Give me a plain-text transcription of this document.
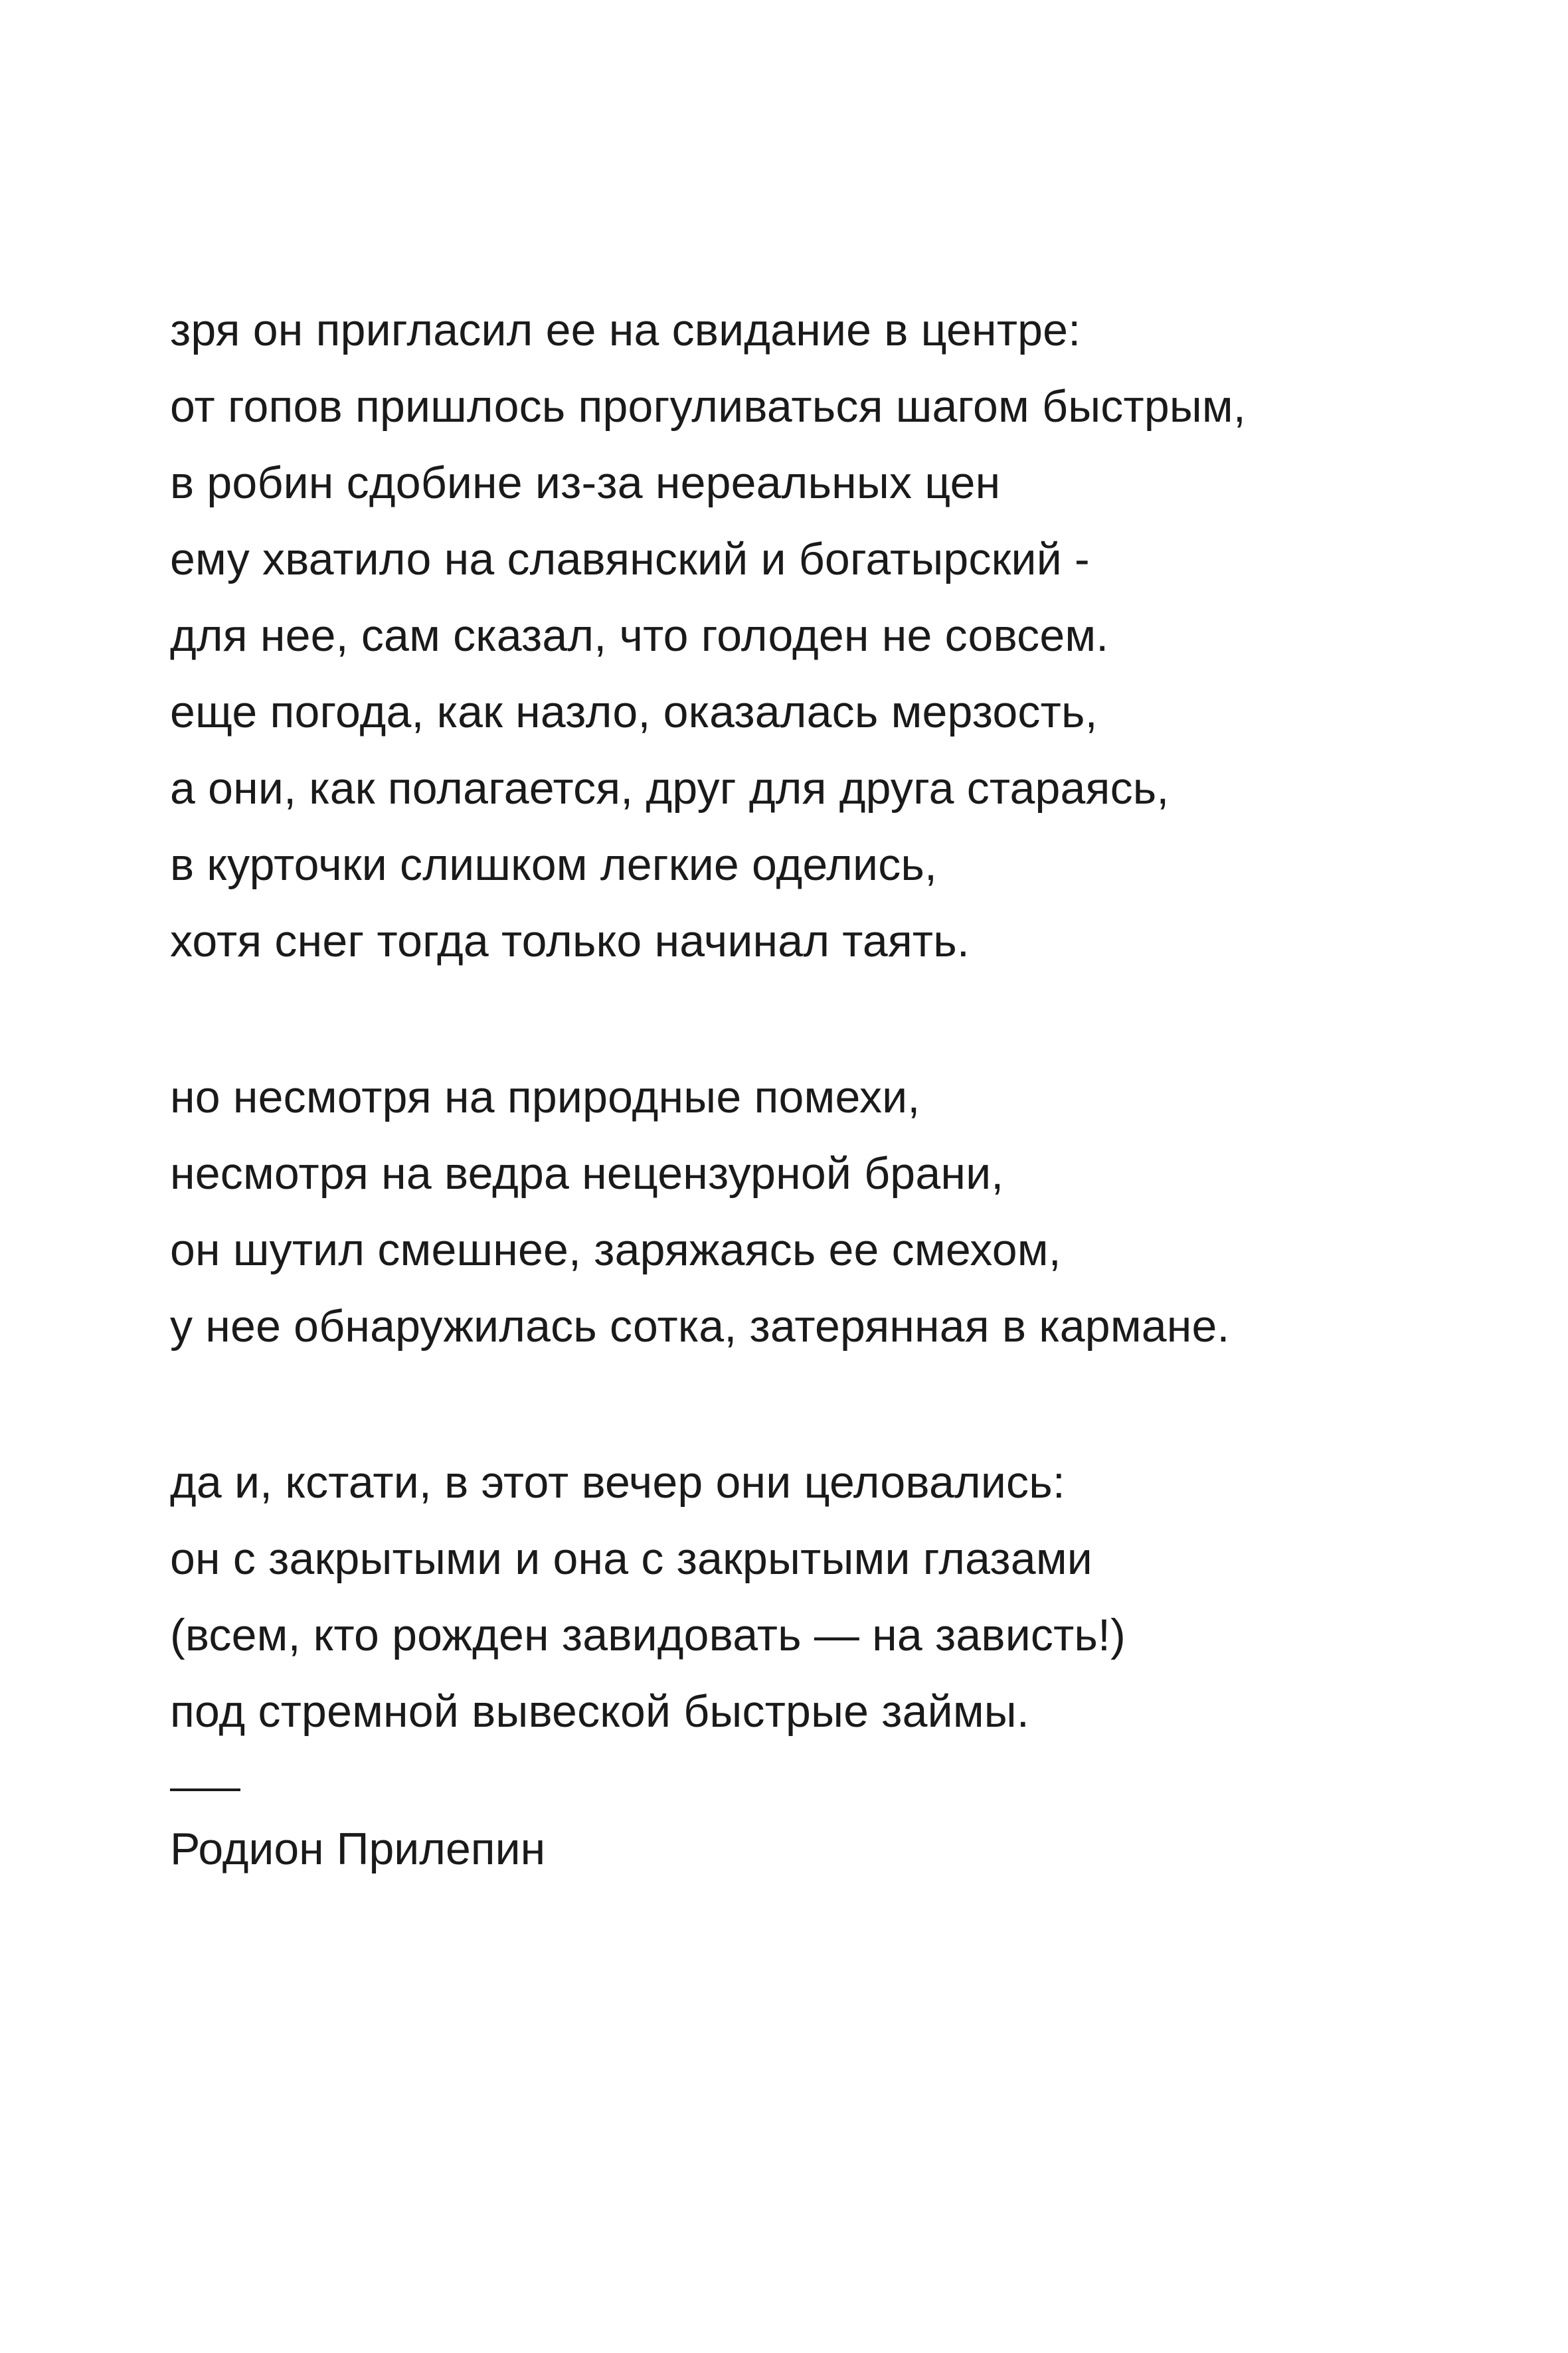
зря он пригласил ее на свидание в центре:
от гопов пришлось прогуливаться шагом быстрым,
в робин сдобине из-за нереальных цен
ему хватило на славянский и богатырский -
для нее, сам сказал, что голоден не совсем.
еще погода, как назло, оказалась мерзость,
а они, как полагается, друг для друга стараясь,
в курточки слишком легкие оделись,
хотя снег тогда только начинал таять.
но несмотря на природные помехи,
несмотря на ведра нецензурной брани,
он шутил смешнее, заряжаясь ее смехом,
у нее обнаружилась сотка, затерянная в кармане.
да и, кстати, в этот вечер они целовались:
он с закрытыми и она с закрытыми глазами
(всем, кто рожден завидовать — на зависть!)
под стремной вывеской быстрые займы.
Родион Прилепин
